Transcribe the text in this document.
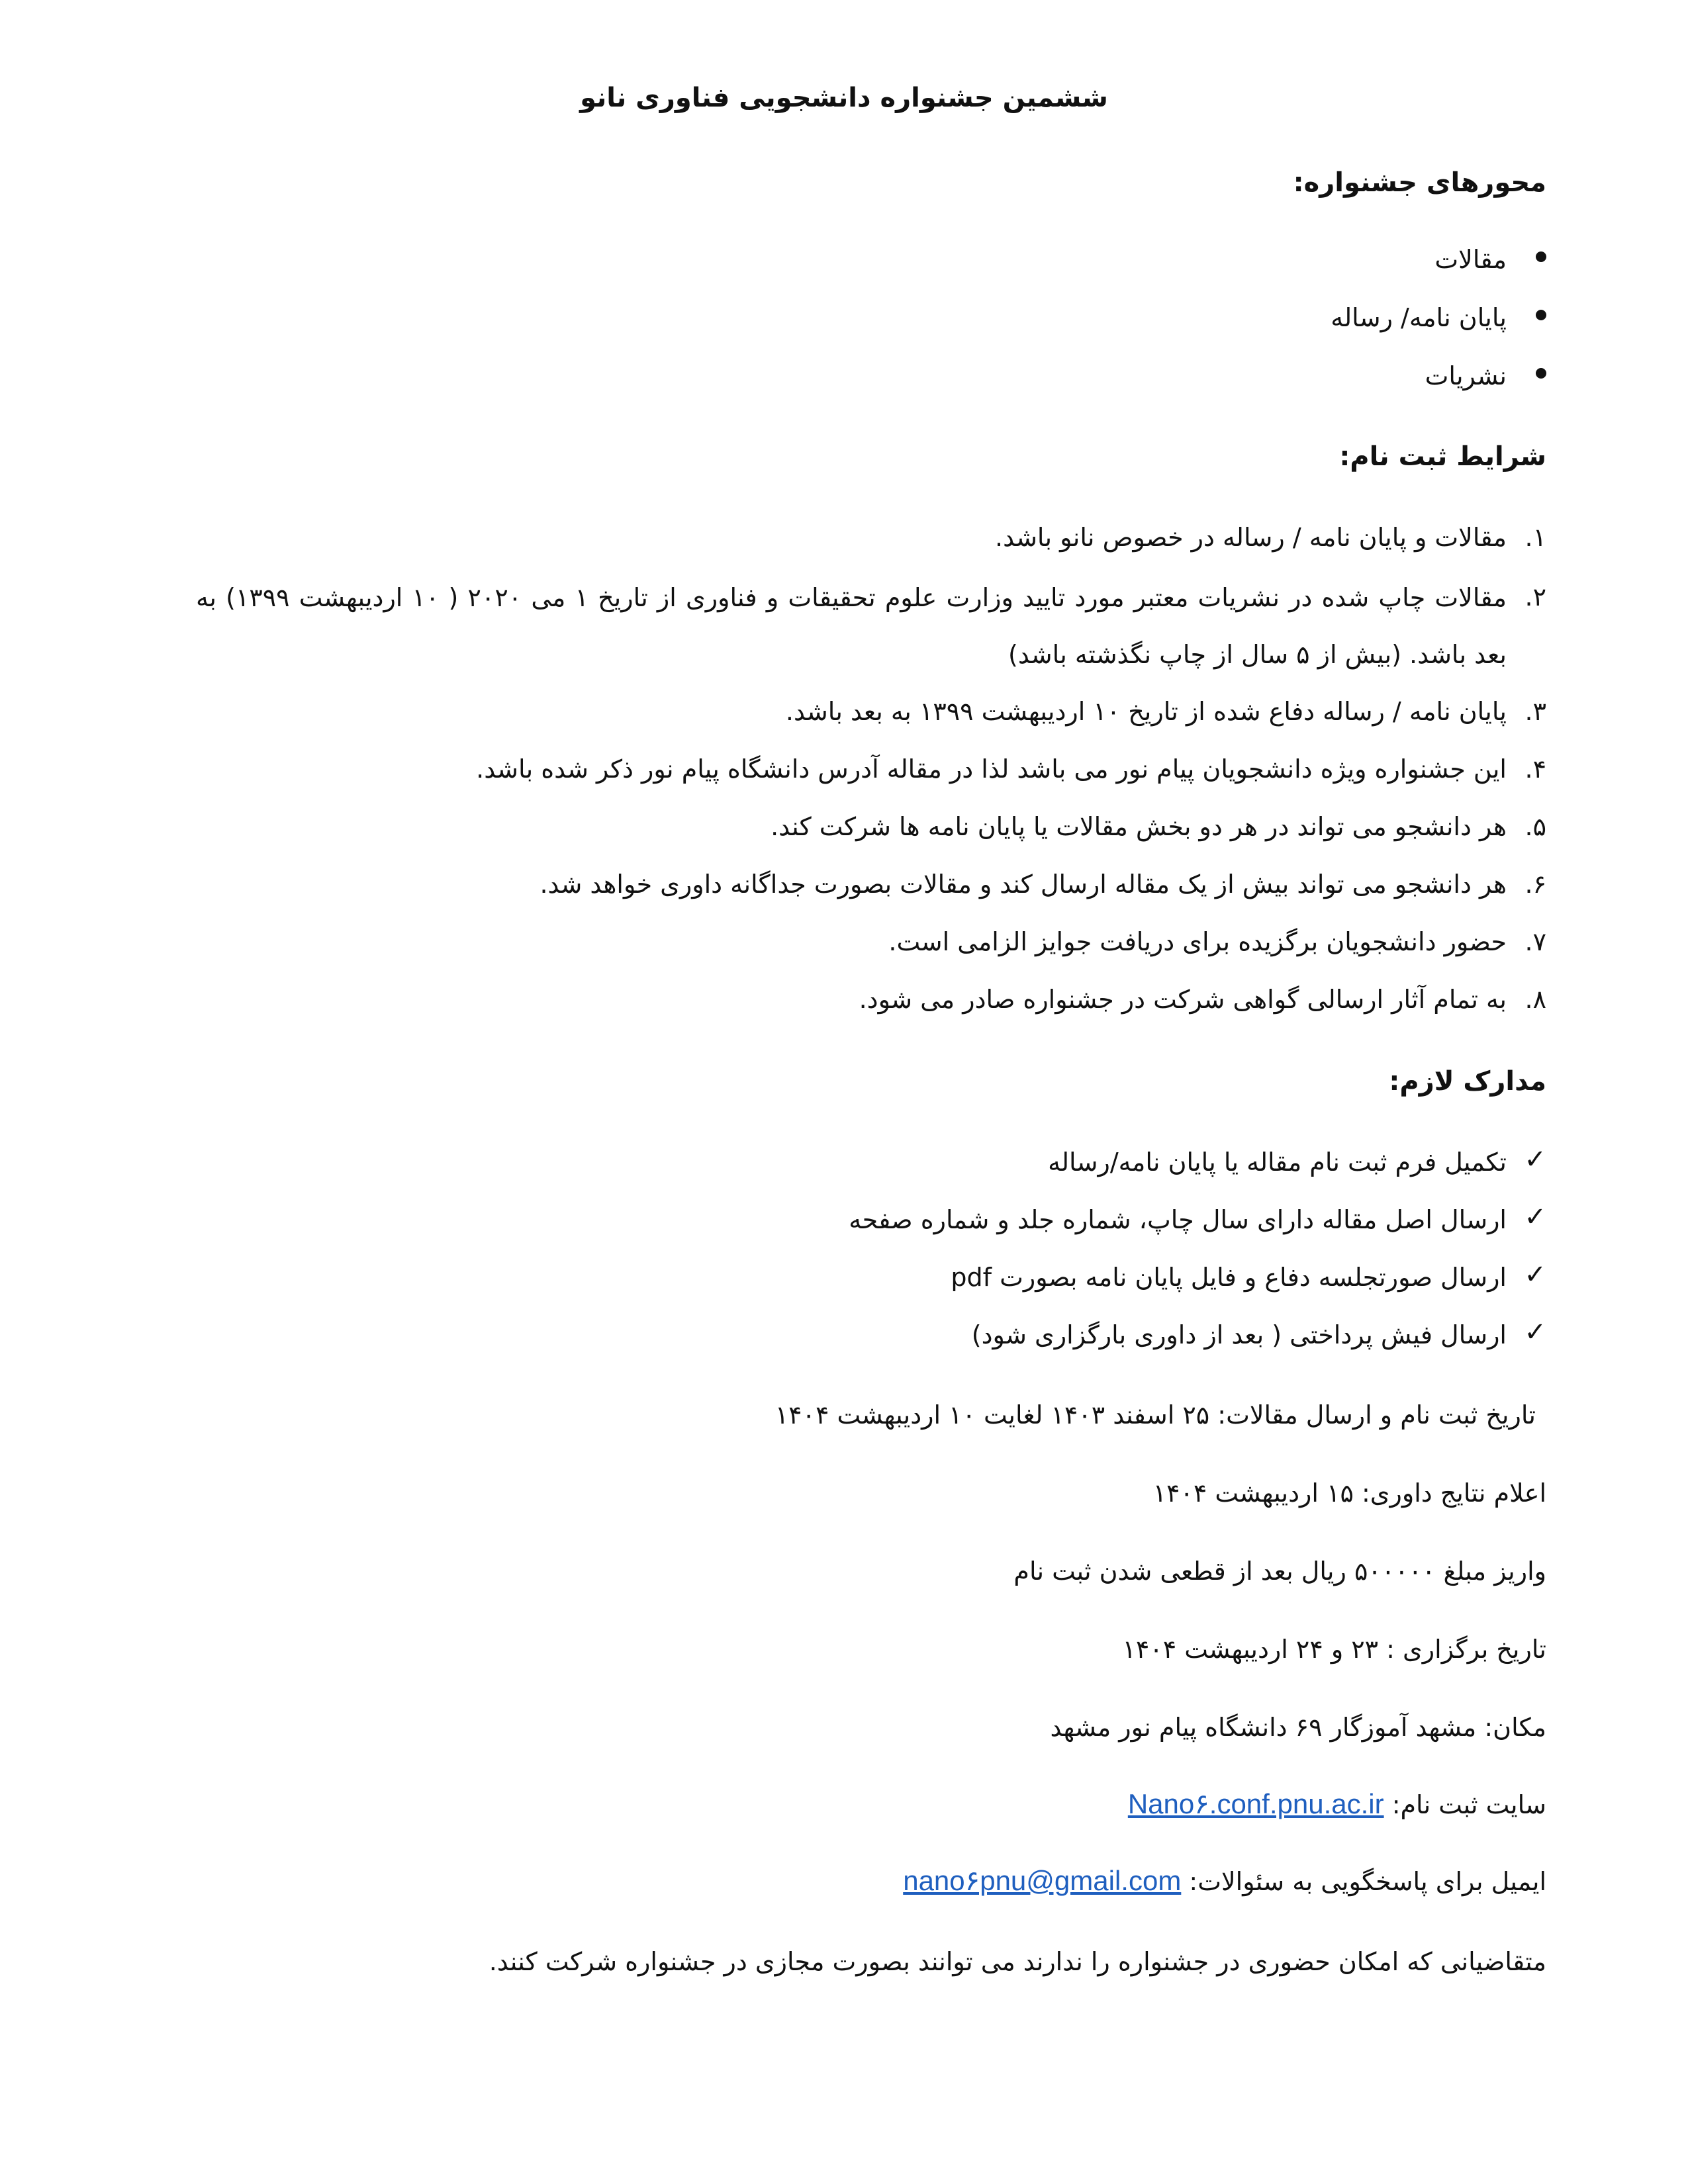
ششمین جشنواره دانشجویی فناوری نانو
محورهای جشنواره:
مقالات
پایان نامه/ رساله
نشریات
شرایط ثبت نام:
۱.
مقالات و پایان نامه / رساله در خصوص نانو باشد.
۲.
مقالات چاپ شده در نشریات معتبر مورد تایید وزارت علوم تحقیقات و فناوری از تاریخ ۱ می ۲۰۲۰ ( ۱۰ اردیبهشت ۱۳۹۹) به بعد باشد. (بیش از ۵ سال از چاپ نگذشته باشد)
۳.
پایان نامه / رساله دفاع شده از تاریخ ۱۰ اردیبهشت ۱۳۹۹ به بعد باشد.
۴.
این جشنواره ویژه دانشجویان پیام نور می باشد لذا در مقاله آدرس دانشگاه پیام نور ذکر شده باشد.
۵.
هر دانشجو می تواند در هر دو بخش مقالات یا پایان نامه ها شرکت کند.
۶.
هر دانشجو می تواند بیش از یک مقاله ارسال کند و مقالات بصورت جداگانه داوری خواهد شد.
۷.
حضور دانشجویان برگزیده برای دریافت جوایز الزامی است.
۸.
به تمام آثار ارسالی گواهی شرکت در جشنواره صادر می شود.
مدارک لازم:
✓
تکمیل فرم ثبت نام مقاله یا پایان نامه/رساله
✓
ارسال اصل مقاله دارای سال چاپ، شماره جلد و شماره صفحه
✓
ارسال صورتجلسه دفاع و فایل پایان نامه بصورت pdf
✓
ارسال فیش پرداختی ( بعد از داوری بارگزاری شود)
تاریخ ثبت نام و ارسال مقالات: ۲۵ اسفند ۱۴۰۳ لغایت ۱۰ اردیبهشت ۱۴۰۴
اعلام نتایج داوری: ۱۵ اردیبهشت ۱۴۰۴
واریز مبلغ ۵۰۰۰۰۰ ریال بعد از قطعی شدن ثبت نام
تاریخ برگزاری : ۲۳ و ۲۴ اردیبهشت ۱۴۰۴
مکان: مشهد آموزگار ۶۹ دانشگاه پیام نور مشهد
سایت ثبت نام: Nano۶.conf.pnu.ac.ir
ایمیل برای پاسخگویی به سئوالات: nano۶pnu@gmail.com
متقاضیانی که امکان حضوری در جشنواره را ندارند می توانند بصورت مجازی در جشنواره شرکت کنند.
